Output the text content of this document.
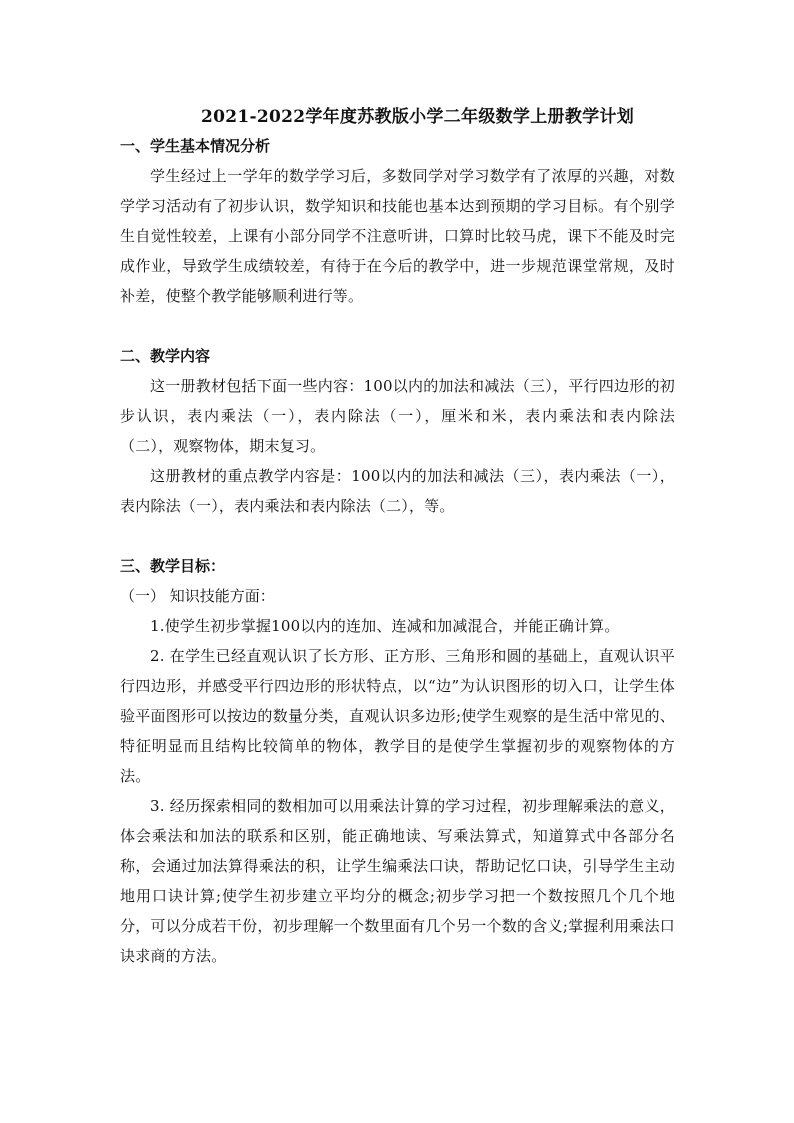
2021-2022学年度苏教版小学二年级数学上册教学计划
一、学生基本情况分析

学生经过上一学年的数学学习后，多数同学对学习数学有了浓厚的兴趣，对数学学习活动有了初步认识，数学知识和技能也基本达到预期的学习目标。有个别学生自觉性较差，上课有小部分同学不注意听讲，口算时比较马虎，课下不能及时完成作业，导致学生成绩较差，有待于在今后的教学中，进一步规范课堂常规，及时补差，使整个教学能够顺利进行等。

二、教学内容

这一册教材包括下面一些内容：100以内的加法和减法（三），平行四边形的初步认识，表内乘法（一），表内除法（一），厘米和米，表内乘法和表内除法（二），观察物体，期末复习。

这册教材的重点教学内容是：100以内的加法和减法（三），表内乘法（一），表内除法（一），表内乘法和表内除法（二），等。

三、教学目标：

（一） 知识技能方面：

1.使学生初步掌握100以内的连加、连减和加减混合，并能正确计算。

2. 在学生已经直观认识了长方形、正方形、三角形和圆的基础上，直观认识平行四边形，并感受平行四边形的形状特点，以“边”为认识图形的切入口，让学生体验平面图形可以按边的数量分类，直观认识多边形;使学生观察的是生活中常见的、特征明显而且结构比较简单的物体，教学目的是使学生掌握初步的观察物体的方法。

3. 经历探索相同的数相加可以用乘法计算的学习过程，初步理解乘法的意义，体会乘法和加法的联系和区别，能正确地读、写乘法算式，知道算式中各部分名称，会通过加法算得乘法的积，让学生编乘法口诀，帮助记忆口诀，引导学生主动地用口诀计算;使学生初步建立平均分的概念;初步学习把一个数按照几个几个地分，可以分成若干份，初步理解一个数里面有几个另一个数的含义;掌握利用乘法口诀求商的方法。
